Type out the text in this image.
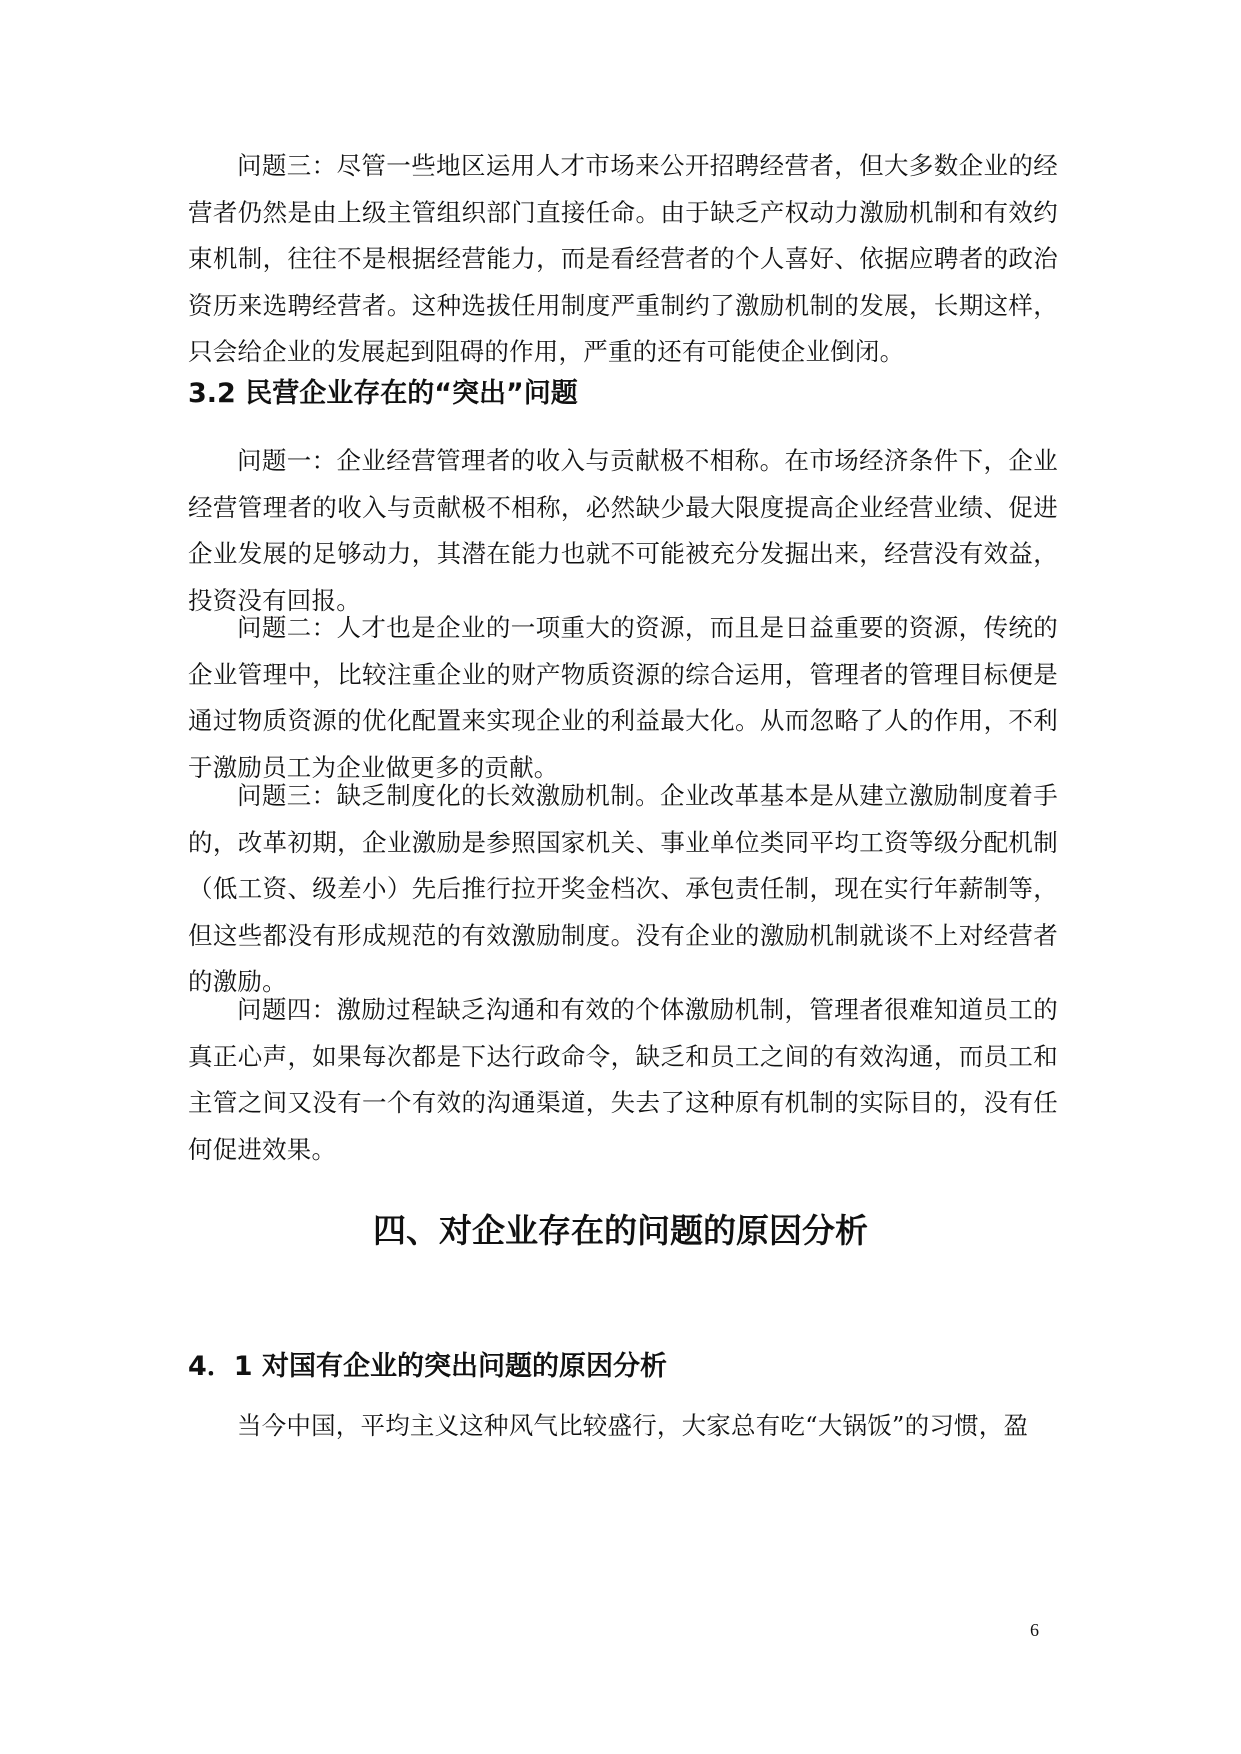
问题三：尽管一些地区运用人才市场来公开招聘经营者，但大多数企业的经营者仍然是由上级主管组织部门直接任命。由于缺乏产权动力激励机制和有效约束机制，往往不是根据经营能力，而是看经营者的个人喜好、依据应聘者的政治资历来选聘经营者。这种选拔任用制度严重制约了激励机制的发展，长期这样，只会给企业的发展起到阻碍的作用，严重的还有可能使企业倒闭。

3.2 民营企业存在的“突出”问题

问题一：企业经营管理者的收入与贡献极不相称。在市场经济条件下，企业经营管理者的收入与贡献极不相称，必然缺少最大限度提高企业经营业绩、促进企业发展的足够动力，其潜在能力也就不可能被充分发掘出来，经营没有效益，投资没有回报。

问题二：人才也是企业的一项重大的资源，而且是日益重要的资源，传统的企业管理中，比较注重企业的财产物质资源的综合运用，管理者的管理目标便是通过物质资源的优化配置来实现企业的利益最大化。从而忽略了人的作用，不利于激励员工为企业做更多的贡献。

问题三：缺乏制度化的长效激励机制。企业改革基本是从建立激励制度着手的，改革初期，企业激励是参照国家机关、事业单位类同平均工资等级分配机制（低工资、级差小）先后推行拉开奖金档次、承包责任制，现在实行年薪制等，但这些都没有形成规范的有效激励制度。没有企业的激励机制就谈不上对经营者的激励。

问题四：激励过程缺乏沟通和有效的个体激励机制，管理者很难知道员工的真正心声，如果每次都是下达行政命令，缺乏和员工之间的有效沟通，而员工和主管之间又没有一个有效的沟通渠道，失去了这种原有机制的实际目的，没有任何促进效果。

四、对企业存在的问题的原因分析
4．1 对国有企业的突出问题的原因分析

当今中国，平均主义这种风气比较盛行，大家总有吃“大锅饭”的习惯，盈

6
